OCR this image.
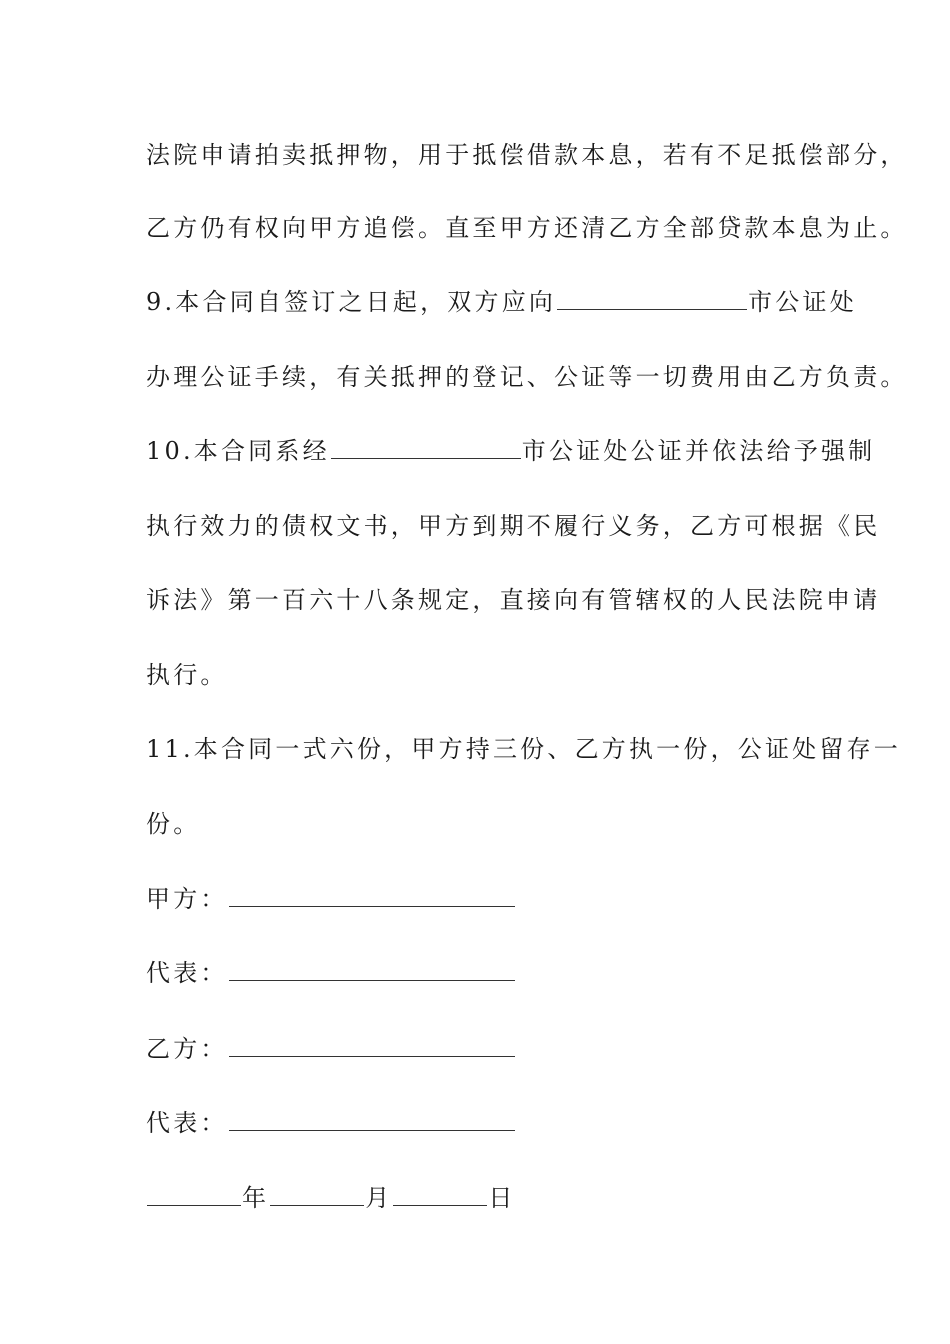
法院申请拍卖抵押物，用于抵偿借款本息，若有不足抵偿部分，
乙方仍有权向甲方追偿。直至甲方还清乙方全部贷款本息为止。
9.本合同自签订之日起，双方应向	市公证处
办理公证手续，有关抵押的登记、公证等一切费用由乙方负责。
10.本合同系经	市公证处公证并依法给予强制
执行效力的债权文书，甲方到期不履行义务，乙方可根据《民
诉法》第一百六十八条规定，直接向有管辖权的人民法院申请
执行。
11.本合同一式六份，甲方持三份、乙方执一份，公证处留存一
份。
甲方：
代表：
乙方：
代表：
年	月	日
